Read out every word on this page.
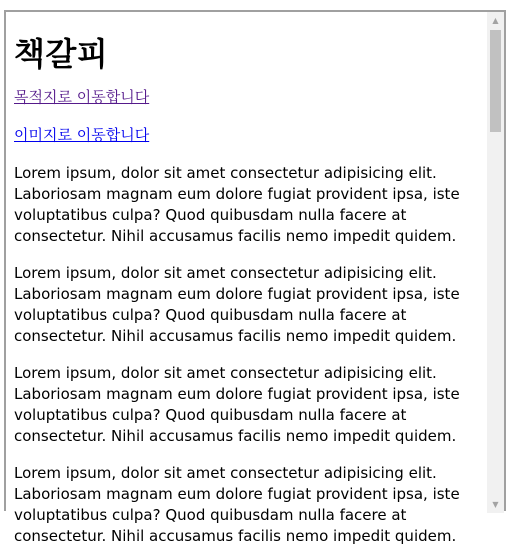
책갈피
목적지로 이동합니다
이미지로 이동합니다

Lorem ipsum, dolor sit amet consectetur adipisicing elit. Laboriosam magnam eum dolore fugiat provident ipsa, iste voluptatibus culpa? Quod quibusdam nulla facere at consectetur. Nihil accusamus facilis nemo impedit quidem.

Lorem ipsum, dolor sit amet consectetur adipisicing elit. Laboriosam magnam eum dolore fugiat provident ipsa, iste voluptatibus culpa? Quod quibusdam nulla facere at consectetur. Nihil accusamus facilis nemo impedit quidem.

Lorem ipsum, dolor sit amet consectetur adipisicing elit. Laboriosam magnam eum dolore fugiat provident ipsa, iste voluptatibus culpa? Quod quibusdam nulla facere at consectetur. Nihil accusamus facilis nemo impedit quidem.

Lorem ipsum, dolor sit amet consectetur adipisicing elit. Laboriosam magnam eum dolore fugiat provident ipsa, iste voluptatibus culpa? Quod quibusdam nulla facere at consectetur. Nihil accusamus facilis nemo impedit quidem.

▲
▼
